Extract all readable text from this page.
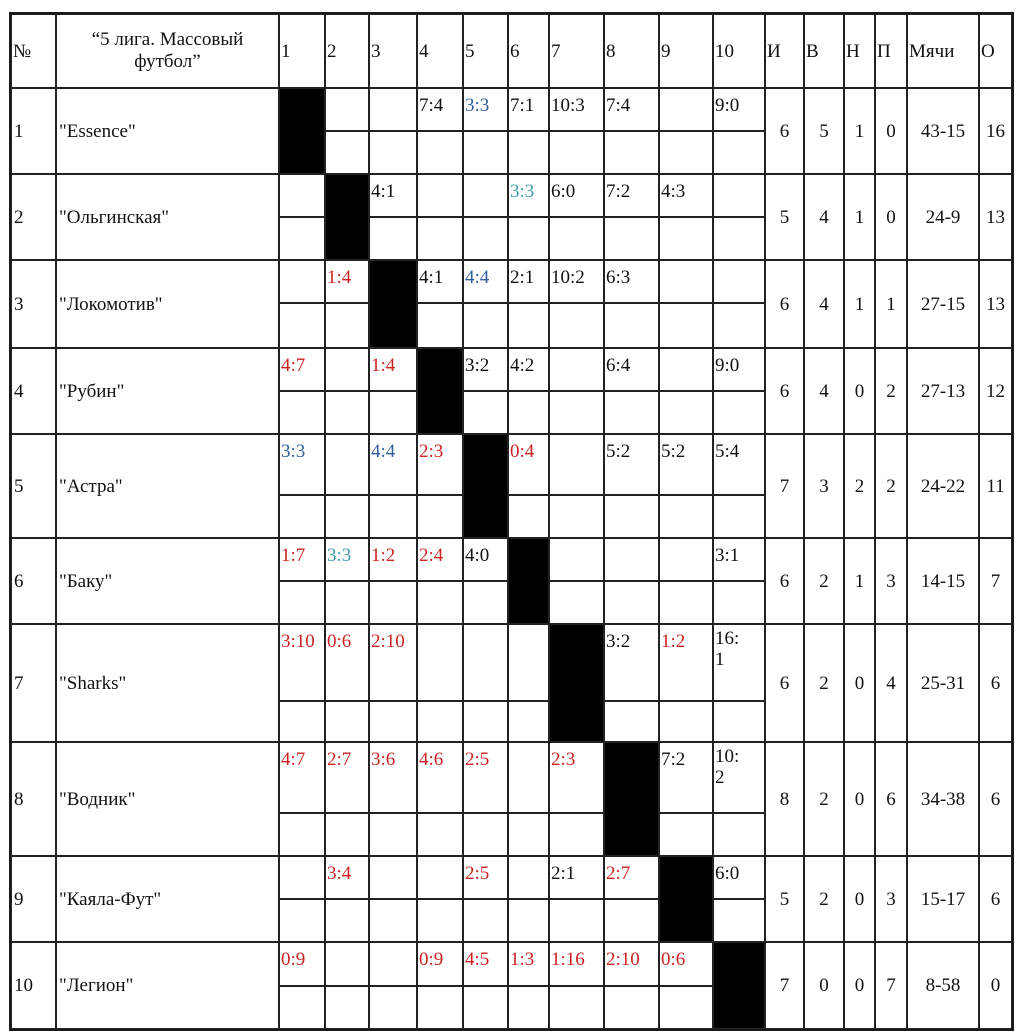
№	“5 лига. Массовый футбол”	1	2	3	4	5	6	7	8	9	10	И	В	Н	П	Мячи	О
1	"Essence"				7:4	3:3	7:1	10:3	7:4		9:0	6	5	1	0	43-15	16

2	"Ольгинская"			4:1			3:3	6:0	7:2	4:3		5	4	1	0	24-9	13

3	"Локомотив"		1:4		4:1	4:4	2:1	10:2	6:3			6	4	1	1	27-15	13

4	"Рубин"	4:7		1:4		3:2	4:2		6:4		9:0	6	4	0	2	27-13	12

5	"Астра"	3:3		4:4	2:3		0:4		5:2	5:2	5:4	7	3	2	2	24-22	11

6	"Баку"	1:7	3:3	1:2	2:4	4:0					3:1	6	2	1	3	14-15	7

7	"Sharks"	3:10	0:6	2:10					3:2	1:2	16:
1	6	2	0	4	25-31	6

8	"Водник"	4:7	2:7	3:6	4:6	2:5		2:3		7:2	10:
2	8	2	0	6	34-38	6

9	"Каяла-Фут"		3:4			2:5		2:1	2:7		6:0	5	2	0	3	15-17	6

10	"Легион"	0:9			0:9	4:5	1:3	1:16	2:10	0:6		7	0	0	7	8-58	0
